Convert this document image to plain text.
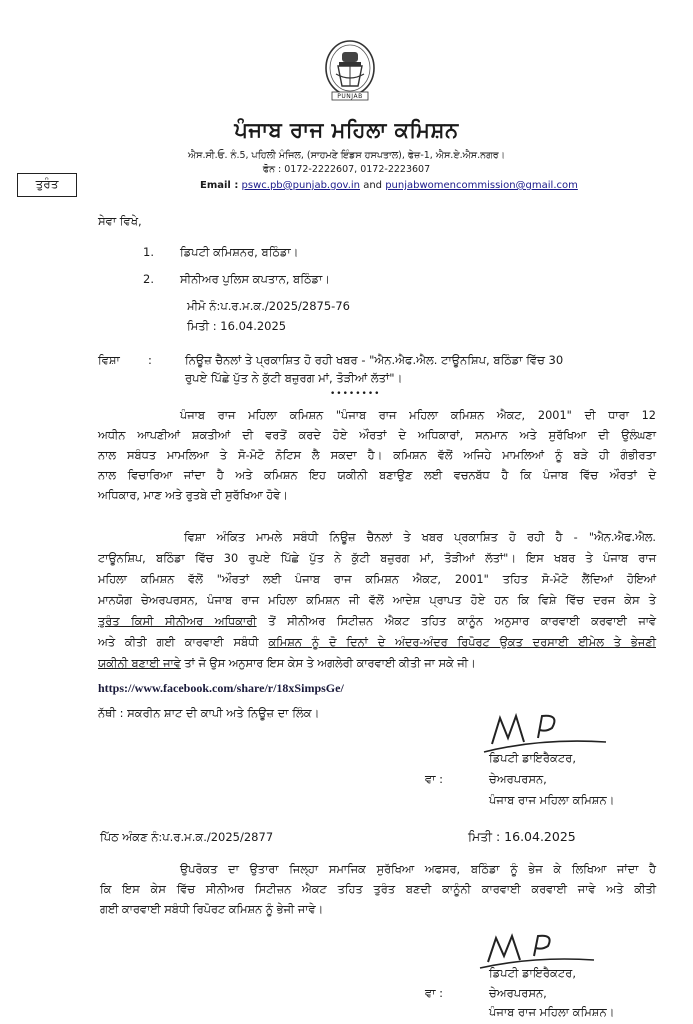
PUNJAB
ਪੰਜਾਬ ਰਾਜ ਮਹਿਲਾ ਕਮਿਸ਼ਨ
ਐਸ.ਸੀ.ਓ. ਨੰ.5, ਪਹਿਲੀ ਮੰਜਿਲ, (ਸਾਹਮਣੇ ਇੰਡਸ ਹਸਪਤਾਲ), ਫੇਜ਼-1, ਐਸ.ਏ.ਐਸ.ਨਗਰ।
ਫੋਨ : 0172-2222607, 0172-2223607
Email : pswc.pb@punjab.gov.in and punjabwomencommission@gmail.com
ਤੁਰੰਤ
ਸੇਵਾ ਵਿਖੇ,
1. ਡਿਪਟੀ ਕਮਿਸ਼ਨਰ, ਬਠਿੰਡਾ।
2. ਸੀਨੀਅਰ ਪੁਲਿਸ ਕਪਤਾਨ, ਬਠਿੰਡਾ।
ਮੀਮੋ ਨੰ:ਪ.ਰ.ਮ.ਕ./2025/2875-76
ਮਿਤੀ : 16.04.2025
ਵਿਸ਼ਾ :	ਨਿਊਜ਼ ਚੈਨਲਾਂ ਤੇ ਪ੍ਰਕਾਸ਼ਿਤ ਹੋ ਰਹੀ ਖਬਰ - "ਐਨ.ਐਫ.ਐਲ. ਟਾਊਨਸ਼ਿਪ, ਬਠਿੰਡਾ ਵਿੱਚ 30
ਰੁਪਏ ਪਿੱਛੇ ਪੁੱਤ ਨੇ ਕੁੱਟੀ ਬਜ਼ੁਰਗ ਮਾਂ, ਤੋੜੀਆਂ ਲੱਤਾਂ"।
••••••••
ਪੰਜਾਬ ਰਾਜ ਮਹਿਲਾ ਕਮਿਸ਼ਨ "ਪੰਜਾਬ ਰਾਜ ਮਹਿਲਾ ਕਮਿਸ਼ਨ ਐਕਟ, 2001" ਦੀ ਧਾਰਾ 12
ਅਧੀਨ ਆਪਣੀਆਂ ਸ਼ਕਤੀਆਂ ਦੀ ਵਰਤੋਂ ਕਰਦੇ ਹੋਏ ਔਰਤਾਂ ਦੇ ਅਧਿਕਾਰਾਂ, ਸਨਮਾਨ ਅਤੇ ਸੁਰੱਖਿਆ ਦੀ ਉਲੰਘਣਾ
ਨਾਲ ਸਬੰਧਤ ਮਾਮਲਿਆ ਤੇ ਸੋ-ਮੋਟੋ ਨੋਟਿਸ ਲੈ ਸਕਦਾ ਹੈ। ਕਮਿਸ਼ਨ ਵੱਲੋਂ ਅਜਿਹੇ ਮਾਮਲਿਆਂ ਨੂੰ ਬੜੇ ਹੀ ਗੰਭੀਰਤਾ
ਨਾਲ ਵਿਚਾਰਿਆ ਜਾਂਦਾ ਹੈ ਅਤੇ ਕਮਿਸ਼ਨ ਇਹ ਯਕੀਨੀ ਬਣਾਉਣ ਲਈ ਵਚਨਬੱਧ ਹੈ ਕਿ ਪੰਜਾਬ ਵਿੱਚ ਔਰਤਾਂ ਦੇ
ਅਧਿਕਾਰ, ਮਾਣ ਅਤੇ ਰੁਤਬੇ ਦੀ ਸੁਰੱਖਿਆ ਹੋਵੇ।
ਵਿਸ਼ਾ ਅੰਕਿਤ ਮਾਮਲੇ ਸਬੰਧੀ ਨਿਊਜ਼ ਚੈਨਲਾਂ ਤੇ ਖਬਰ ਪ੍ਰਕਾਸ਼ਿਤ ਹੋ ਰਹੀ ਹੈ - "ਐਨ.ਐਫ.ਐਲ.
ਟਾਊਨਸ਼ਿਪ, ਬਠਿੰਡਾ ਵਿੱਚ 30 ਰੁਪਏ ਪਿੱਛੇ ਪੁੱਤ ਨੇ ਕੁੱਟੀ ਬਜ਼ੁਰਗ ਮਾਂ, ਤੋੜੀਆਂ ਲੱਤਾਂ"। ਇਸ ਖਬਰ ਤੇ ਪੰਜਾਬ ਰਾਜ
ਮਹਿਲਾ ਕਮਿਸ਼ਨ ਵੱਲੋਂ "ਔਰਤਾਂ ਲਈ ਪੰਜਾਬ ਰਾਜ ਕਮਿਸ਼ਨ ਐਕਟ, 2001" ਤਹਿਤ ਸੋ-ਮੋਟੋ ਲੈਂਦਿਆਂ ਹੋਇਆਂ
ਮਾਨਯੋਗ ਚੇਅਰਪਰਸਨ, ਪੰਜਾਬ ਰਾਜ ਮਹਿਲਾ ਕਮਿਸ਼ਨ ਜੀ ਵੱਲੋਂ ਆਦੇਸ਼ ਪ੍ਰਾਪਤ ਹੋਏ ਹਨ ਕਿ ਵਿਸ਼ੇ ਵਿੱਚ ਦਰਜ ਕੇਸ ਤੇ
ਤੁਰੰਤ ਕਿਸੀ ਸੀਨੀਅਰ ਅਧਿਕਾਰੀ ਤੋਂ ਸੀਨੀਅਰ ਸਿਟੀਜ਼ਨ ਐਕਟ ਤਹਿਤ ਕਾਨੂੰਨ ਅਨੁਸਾਰ ਕਾਰਵਾਈ ਕਰਵਾਈ ਜਾਵੇ
ਅਤੇ ਕੀਤੀ ਗਈ ਕਾਰਵਾਈ ਸਬੰਧੀ ਕਮਿਸ਼ਨ ਨੂੰ ਦੋ ਦਿਨਾਂ ਦੇ ਅੰਦਰ-ਅੰਦਰ ਰਿਪੋਰਟ ਉਕਤ ਦਰਸਾਈ ਈਮੇਲ ਤੇ ਭੇਜਣੀ
ਯਕੀਨੀ ਬਣਾਈ ਜਾਵੇ ਤਾਂ ਜੋ ਉਸ ਅਨੁਸਾਰ ਇਸ ਕੇਸ ਤੇ ਅਗਲੇਰੀ ਕਾਰਵਾਈ ਕੀਤੀ ਜਾ ਸਕੇ ਜੀ।
https://www.facebook.com/share/r/18xSimpsGe/
ਨੱਥੀ : ਸਕਰੀਨ ਸ਼ਾਟ ਦੀ ਕਾਪੀ ਅਤੇ ਨਿਊਜ਼ ਦਾ ਲਿੰਕ।
ਡਿਪਟੀ ਡਾਇਰੈਕਟਰ,
ਵਾ :	ਚੇਅਰਪਰਸਨ,
ਪੰਜਾਬ ਰਾਜ ਮਹਿਲਾ ਕਮਿਸ਼ਨ।
ਪਿੱਠ ਅੰਕਣ ਨੰ:ਪ.ਰ.ਮ.ਕ./2025/2877	ਮਿਤੀ : 16.04.2025
ਉਪਰੋਕਤ ਦਾ ਉਤਾਰਾ ਜਿਲ੍ਹਾ ਸਮਾਜਿਕ ਸੁਰੱਖਿਆ ਅਫਸਰ, ਬਠਿੰਡਾ ਨੂੰ ਭੇਜ ਕੇ ਲਿਖਿਆ ਜਾਂਦਾ ਹੈ
ਕਿ ਇਸ ਕੇਸ ਵਿੱਚ ਸੀਨੀਅਰ ਸਿਟੀਜ਼ਨ ਐਕਟ ਤਹਿਤ ਤੁਰੰਤ ਬਣਦੀ ਕਾਨੂੰਨੀ ਕਾਰਵਾਈ ਕਰਵਾਈ ਜਾਵੇ ਅਤੇ ਕੀਤੀ
ਗਈ ਕਾਰਵਾਈ ਸਬੰਧੀ ਰਿਪੋਰਟ ਕਮਿਸ਼ਨ ਨੂੰ ਭੇਜੀ ਜਾਵੇ।
ਡਿਪਟੀ ਡਾਇਰੈਕਟਰ,
ਵਾ :	ਚੇਅਰਪਰਸਨ,
ਪੰਜਾਬ ਰਾਜ ਮਹਿਲਾ ਕਮਿਸ਼ਨ।
